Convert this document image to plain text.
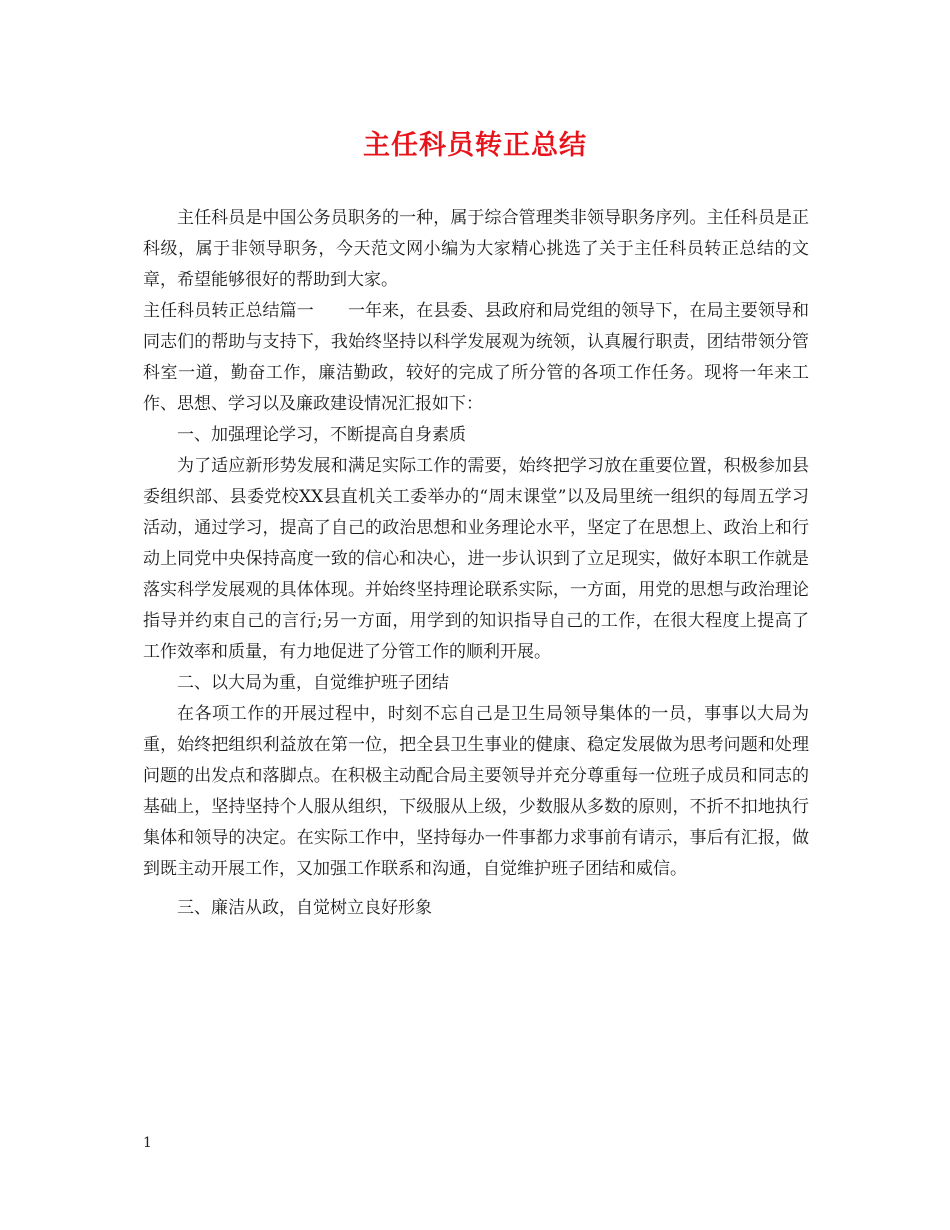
主任科员转正总结

主任科员是中国公务员职务的一种，属于综合管理类非领导职务序列。主任科员是正科级，属于非领导职务，今天范文网小编为大家精心挑选了关于主任科员转正总结的文章，希望能够很好的帮助到大家。

主任科员转正总结篇一　　一年来，在县委、县政府和局党组的领导下，在局主要领导和同志们的帮助与支持下，我始终坚持以科学发展观为统领，认真履行职责，团结带领分管科室一道，勤奋工作，廉洁勤政，较好的完成了所分管的各项工作任务。现将一年来工作、思想、学习以及廉政建设情况汇报如下：

一、加强理论学习，不断提高自身素质

为了适应新形势发展和满足实际工作的需要，始终把学习放在重要位置，积极参加县委组织部、县委党校XX县直机关工委举办的“周末课堂”以及局里统一组织的每周五学习活动，通过学习，提高了自己的政治思想和业务理论水平，坚定了在思想上、政治上和行动上同党中央保持高度一致的信心和决心，进一步认识到了立足现实，做好本职工作就是落实科学发展观的具体体现。并始终坚持理论联系实际，一方面，用党的思想与政治理论指导并约束自己的言行;另一方面，用学到的知识指导自己的工作，在很大程度上提高了工作效率和质量，有力地促进了分管工作的顺利开展。

二、以大局为重，自觉维护班子团结

在各项工作的开展过程中，时刻不忘自己是卫生局领导集体的一员，事事以大局为重，始终把组织利益放在第一位，把全县卫生事业的健康、稳定发展做为思考问题和处理问题的出发点和落脚点。在积极主动配合局主要领导并充分尊重每一位班子成员和同志的基础上，坚持坚持个人服从组织，下级服从上级，少数服从多数的原则，不折不扣地执行集体和领导的决定。在实际工作中，坚持每办一件事都力求事前有请示，事后有汇报，做到既主动开展工作，又加强工作联系和沟通，自觉维护班子团结和威信。

三、廉洁从政，自觉树立良好形象

1
